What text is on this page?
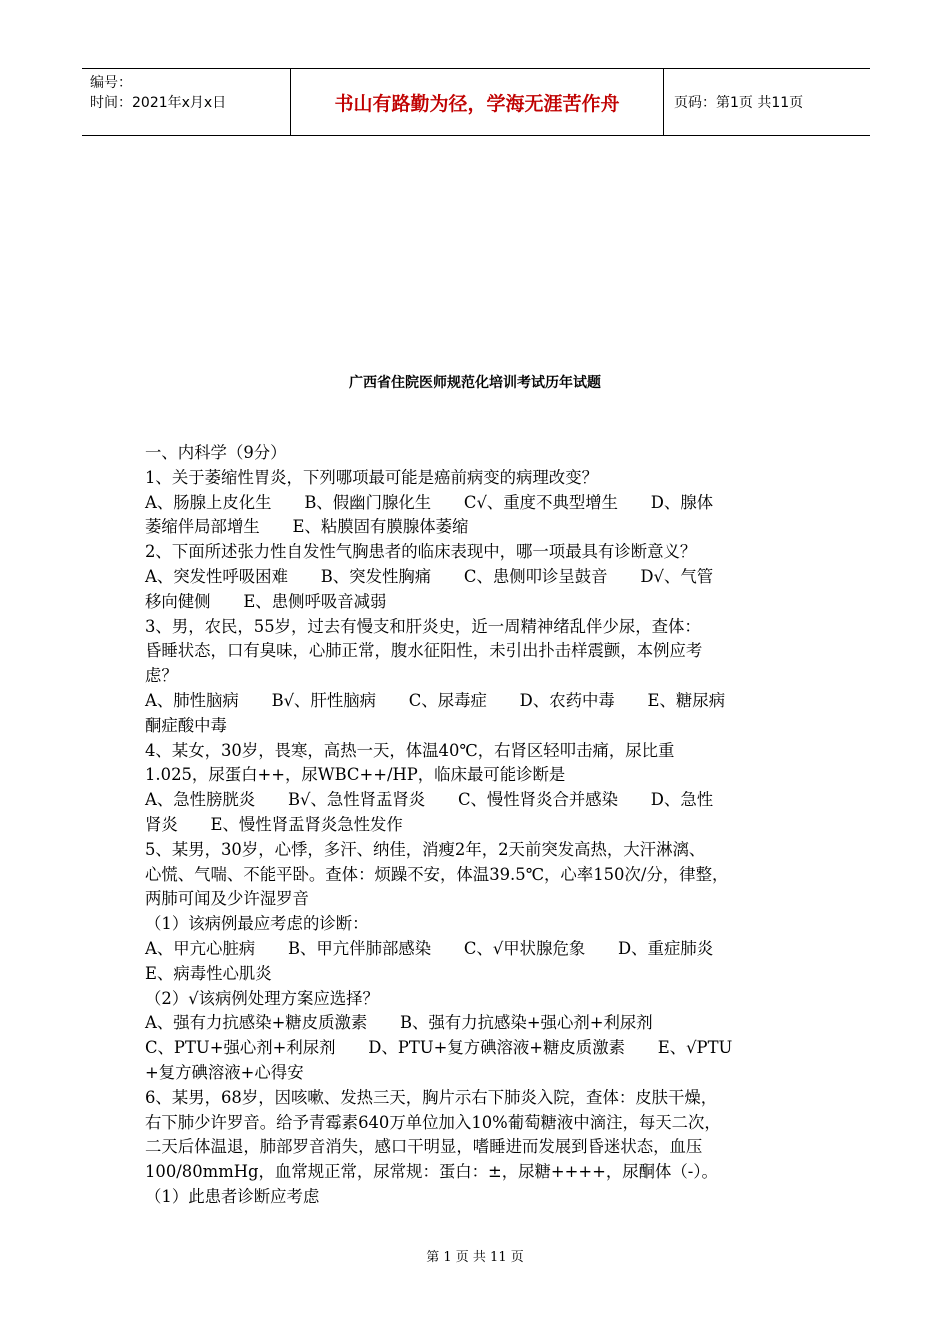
编号：
时间：2021年x月x日	书山有路勤为径，学海无涯苦作舟	页码：第1页 共11页
广西省住院医师规范化培训考试历年试题

一、内科学（9分）

1、关于萎缩性胃炎，下列哪项最可能是癌前病变的病理改变？

A、肠腺上皮化生　　B、假幽门腺化生　　C√、重度不典型增生　　D、腺体

萎缩伴局部增生　　E、粘膜固有膜腺体萎缩

2、下面所述张力性自发性气胸患者的临床表现中，哪一项最具有诊断意义？

A、突发性呼吸困难　　B、突发性胸痛　　C、患侧叩诊呈鼓音　　D√、气管

移向健侧　　E、患侧呼吸音减弱

3、男，农民，55岁，过去有慢支和肝炎史，近一周精神绪乱伴少尿，查体：

昏睡状态，口有臭味，心肺正常，腹水征阳性，未引出扑击样震颤，本例应考

虑？

A、肺性脑病　　B√、肝性脑病　　C、尿毒症　　D、农药中毒　　E、糖尿病

酮症酸中毒

4、某女，30岁，畏寒，高热一天，体温40℃，右肾区轻叩击痛，尿比重

1.025，尿蛋白++，尿WBC++/HP，临床最可能诊断是

A、急性膀胱炎　　B√、急性肾盂肾炎　　C、慢性肾炎合并感染　　D、急性

肾炎　　E、慢性肾盂肾炎急性发作

5、某男，30岁，心悸，多汗、纳佳，消瘦2年，2天前突发高热，大汗淋漓、

心慌、气喘、不能平卧。查体：烦躁不安，体温39.5℃，心率150次/分，律整，

两肺可闻及少许湿罗音

（1）该病例最应考虑的诊断：

A、甲亢心脏病　　B、甲亢伴肺部感染　　C、√甲状腺危象　　D、重症肺炎

E、病毒性心肌炎

（2）√该病例处理方案应选择？

A、强有力抗感染+糖皮质激素　　B、强有力抗感染+强心剂+利尿剂

C、PTU+强心剂+利尿剂　　D、PTU+复方碘溶液+糖皮质激素　　E、√PTU

+复方碘溶液+心得安

6、某男，68岁，因咳嗽、发热三天，胸片示右下肺炎入院，查体：皮肤干燥，

右下肺少许罗音。给予青霉素640万单位加入10%葡萄糖液中滴注，每天二次，

二天后体温退，肺部罗音消失，感口干明显，嗜睡进而发展到昏迷状态，血压

100/80mmHg，血常规正常，尿常规：蛋白：±，尿糖++++，尿酮体（-）。

（1）此患者诊断应考虑

第 1 页 共 11 页
